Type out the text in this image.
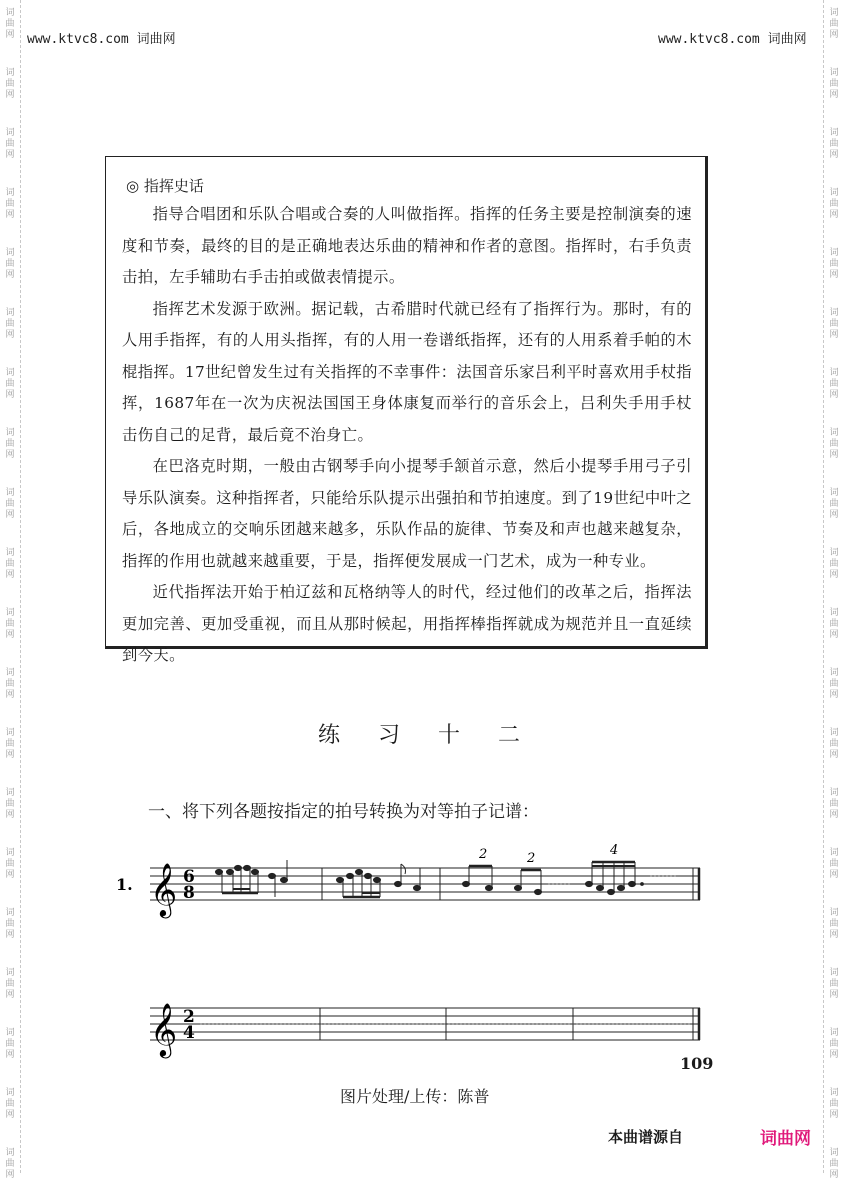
词
曲
网
词
曲
网
词
曲
网
词
曲
网
词
曲
网
词
曲
网
词
曲
网
词
曲
网
词
曲
网
词
曲
网
词
曲
网
词
曲
网
词
曲
网
词
曲
网
词
曲
网
词
曲
网
词
曲
网
词
曲
网
词
曲
网
词
曲
网
词
曲
网
词
曲
网
词
曲
网
词
曲
网
词
曲
网
词
曲
网
词
曲
网
词
曲
网
词
曲
网
词
曲
网
词
曲
网
词
曲
网
词
曲
网
词
曲
网
词
曲
网
词
曲
网
词
曲
网
词
曲
网
词
曲
网
词
曲
网
www.ktvc8.com 词曲网	www.ktvc8.com 词曲网
◎ 指挥史话

指导合唱团和乐队合唱或合奏的人叫做指挥。指挥的任务主要是控制演奏的速度和节奏，最终的目的是正确地表达乐曲的精神和作者的意图。指挥时，右手负责击拍，左手辅助右手击拍或做表情提示。

指挥艺术发源于欧洲。据记载，古希腊时代就已经有了指挥行为。那时，有的人用手指挥，有的人用头指挥，有的人用一卷谱纸指挥，还有的人用系着手帕的木棍指挥。17世纪曾发生过有关指挥的不幸事件：法国音乐家吕利平时喜欢用手杖指挥，1687年在一次为庆祝法国国王身体康复而举行的音乐会上，吕利失手用手杖击伤自己的足背，最后竟不治身亡。

在巴洛克时期，一般由古钢琴手向小提琴手颔首示意，然后小提琴手用弓子引导乐队演奏。这种指挥者，只能给乐队提示出强拍和节拍速度。到了19世纪中叶之后，各地成立的交响乐团越来越多，乐队作品的旋律、节奏及和声也越来越复杂，指挥的作用也就越来越重要，于是，指挥便发展成一门艺术，成为一种专业。

近代指挥法开始于柏辽兹和瓦格纳等人的时代，经过他们的改革之后，指挥法更加完善、更加受重视，而且从那时候起，用指挥棒指挥就成为规范并且一直延续到今天。

练习十二
一、将下列各题按指定的拍号转换为对等拍子记谱：
1. 𝄞 6
8
2	2
4
𝄞 2
4
109
图片处理/上传：陈普
本曲谱源自	词曲网
